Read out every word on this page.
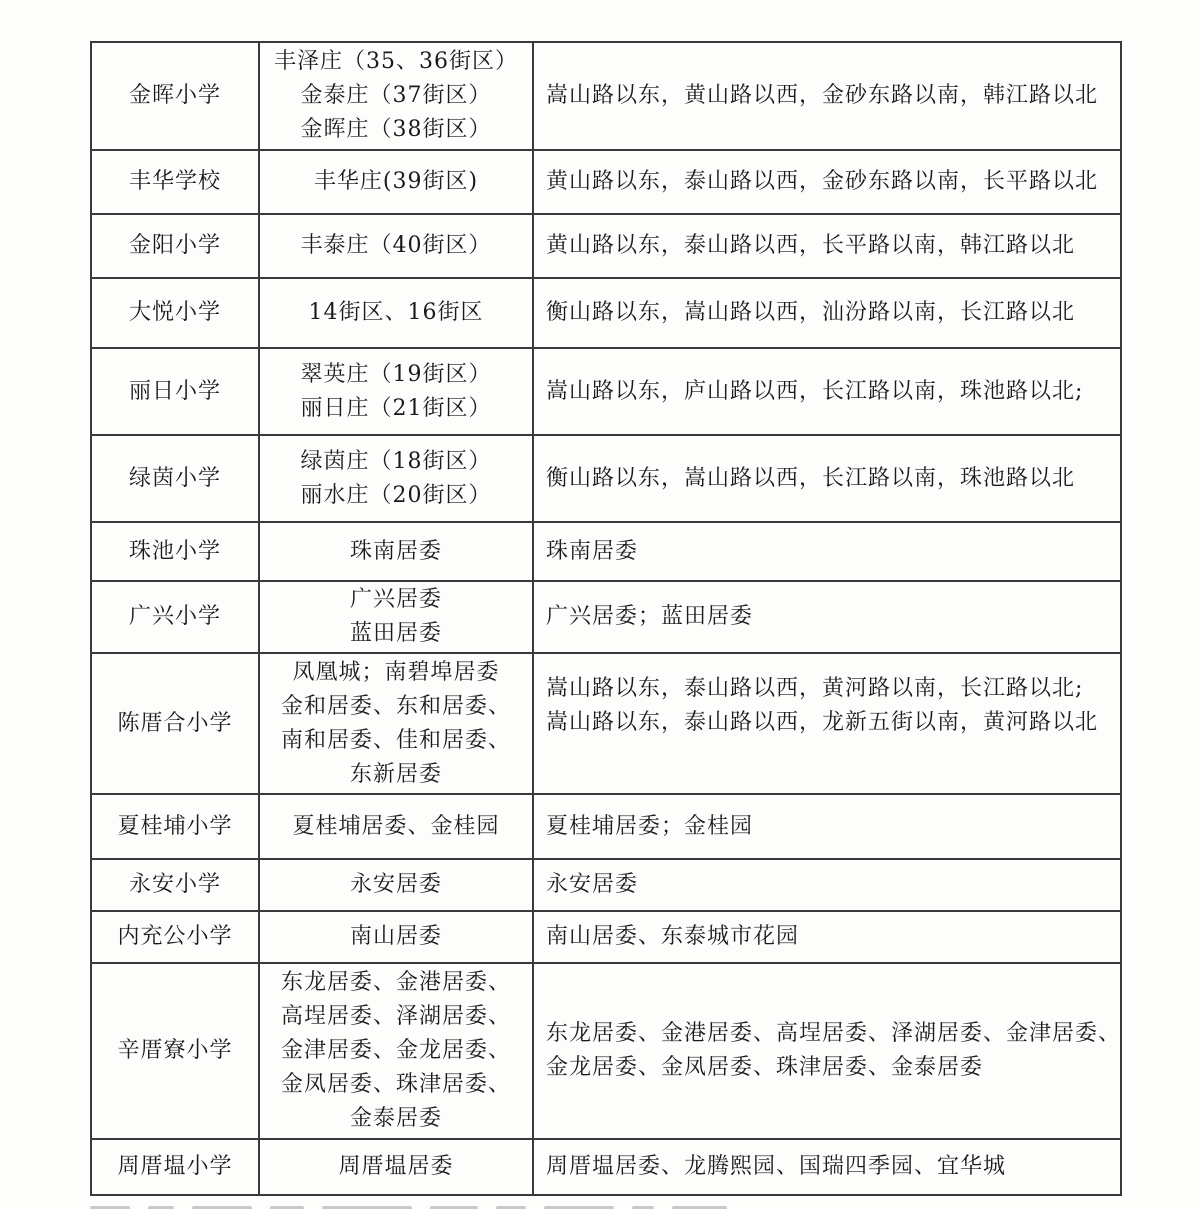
金晖小学	丰泽庄（35、36街区）
金泰庄（37街区）
金晖庄（38街区）	嵩山路以东，黄山路以西，金砂东路以南，韩江路以北

丰华学校	丰华庄(39街区)	黄山路以东，泰山路以西，金砂东路以南，长平路以北

金阳小学	丰泰庄（40街区）	黄山路以东，泰山路以西，长平路以南，韩江路以北

大悦小学	14街区、16街区	衡山路以东，嵩山路以西，汕汾路以南，长江路以北

丽日小学	翠英庄（19街区）
丽日庄（21街区）	嵩山路以东，庐山路以西，长江路以南，珠池路以北;

绿茵小学	绿茵庄（18街区）
丽水庄（20街区）	衡山路以东，嵩山路以西，长江路以南，珠池路以北

珠池小学	珠南居委	珠南居委

广兴小学	广兴居委
蓝田居委	广兴居委；蓝田居委

陈厝合小学	凤凰城；南碧埠居委
金和居委、东和居委、
南和居委、佳和居委、
东新居委	嵩山路以东，泰山路以西，黄河路以南，长江路以北;
嵩山路以东，泰山路以西，龙新五街以南，黄河路以北

夏桂埔小学	夏桂埔居委、金桂园	夏桂埔居委；金桂园

永安小学	永安居委	永安居委

内充公小学	南山居委	南山居委、东泰城市花园

辛厝寮小学	东龙居委、金港居委、
高埕居委、泽湖居委、
金津居委、金龙居委、
金凤居委、珠津居委、
金泰居委	东龙居委、金港居委、高埕居委、泽湖居委、金津居委、
金龙居委、金凤居委、珠津居委、金泰居委

周厝塭小学	周厝塭居委	周厝塭居委、龙腾熙园、国瑞四季园、宜华城
